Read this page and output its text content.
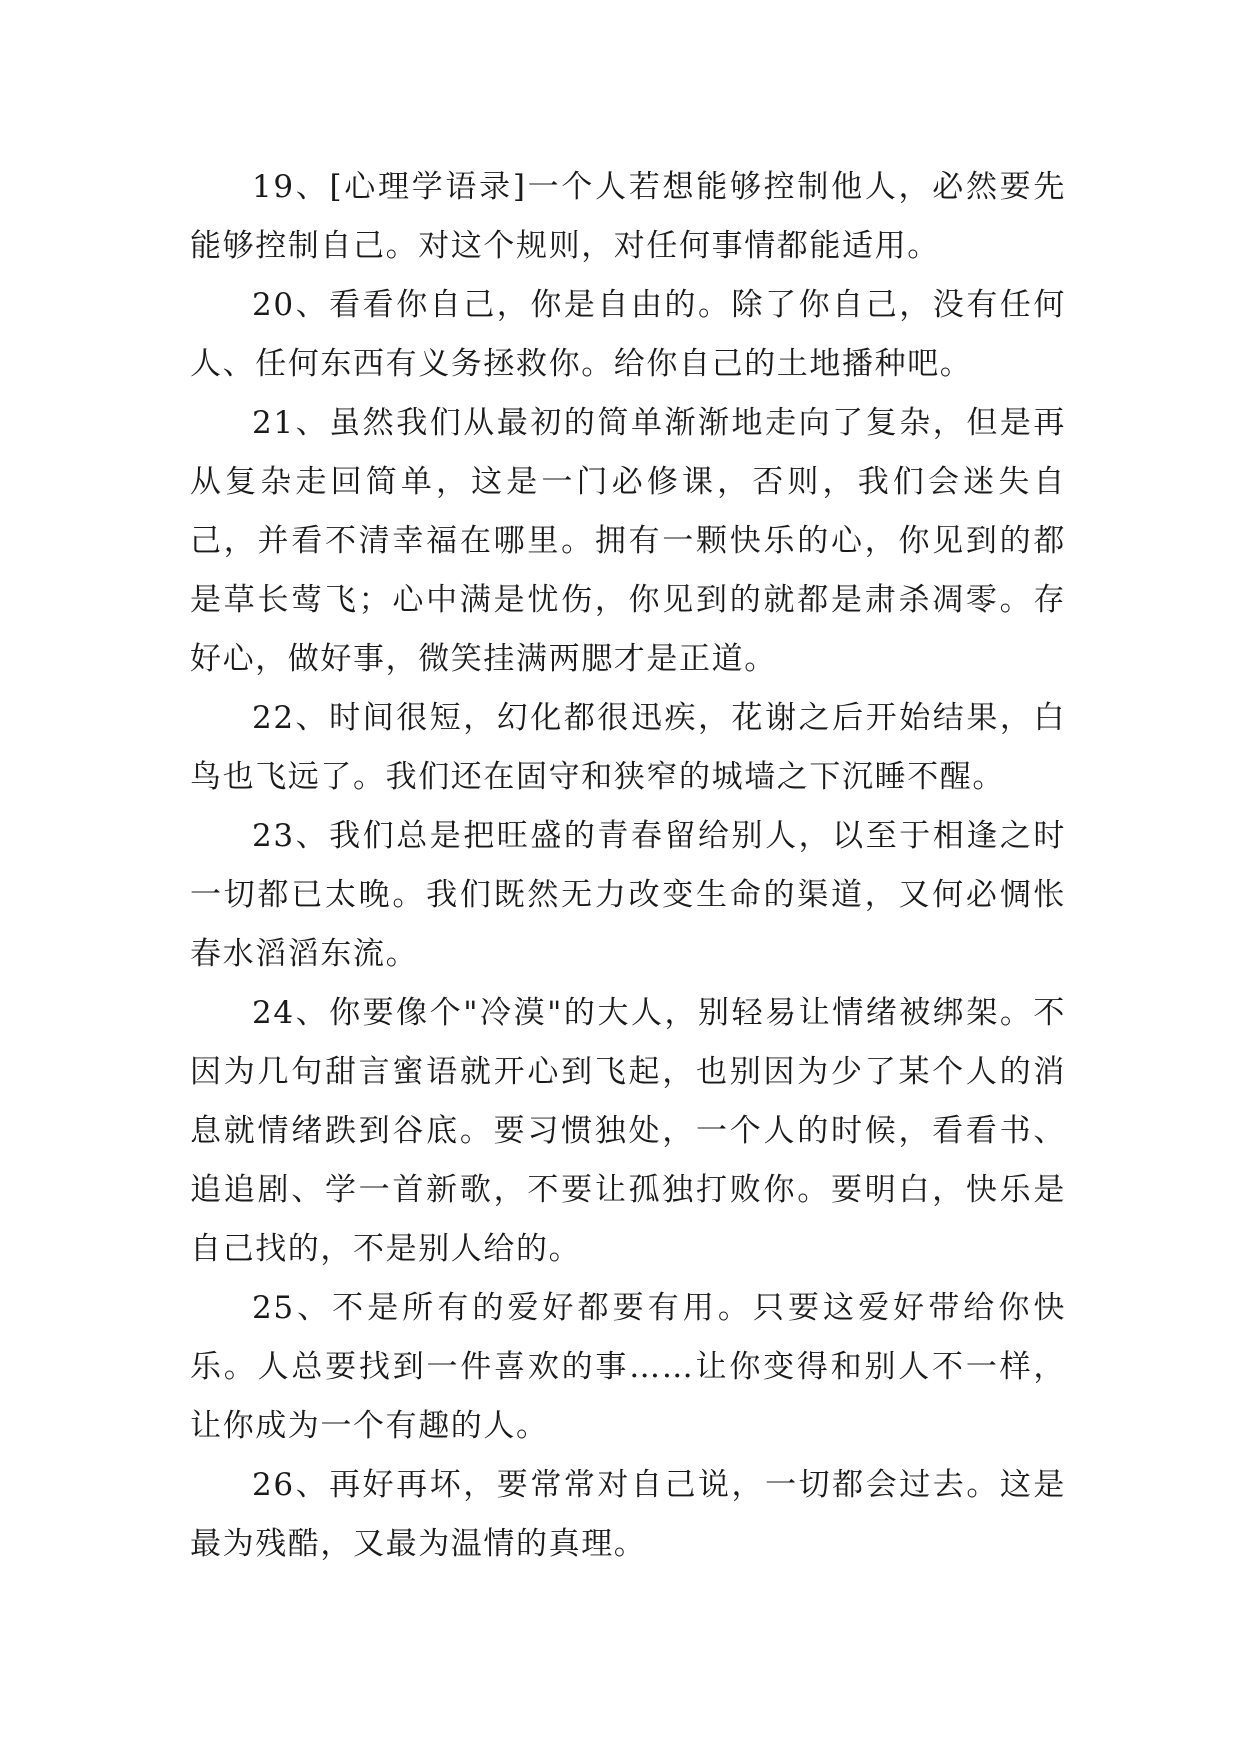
19、[心理学语录]一个人若想能够控制他人，必然要先能够控制自己。对这个规则，对任何事情都能适用。

20、看看你自己，你是自由的。除了你自己，没有任何人、任何东西有义务拯救你。给你自己的土地播种吧。

21、虽然我们从最初的简单渐渐地走向了复杂，但是再从复杂走回简单，这是一门必修课，否则，我们会迷失自己，并看不清幸福在哪里。拥有一颗快乐的心，你见到的都是草长莺飞；心中满是忧伤，你见到的就都是肃杀凋零。存好心，做好事，微笑挂满两腮才是正道。

22、时间很短，幻化都很迅疾，花谢之后开始结果，白鸟也飞远了。我们还在固守和狭窄的城墙之下沉睡不醒。

23、我们总是把旺盛的青春留给别人，以至于相逢之时一切都已太晚。我们既然无力改变生命的渠道，又何必惆怅春水滔滔东流。

24、你要像个"冷漠"的大人，别轻易让情绪被绑架。不因为几句甜言蜜语就开心到飞起，也别因为少了某个人的消息就情绪跌到谷底。要习惯独处，一个人的时候，看看书、追追剧、学一首新歌，不要让孤独打败你。要明白，快乐是自己找的，不是别人给的。

25、不是所有的爱好都要有用。只要这爱好带给你快乐。人总要找到一件喜欢的事……让你变得和别人不一样，让你成为一个有趣的人。

26、再好再坏，要常常对自己说，一切都会过去。这是最为残酷，又最为温情的真理。
